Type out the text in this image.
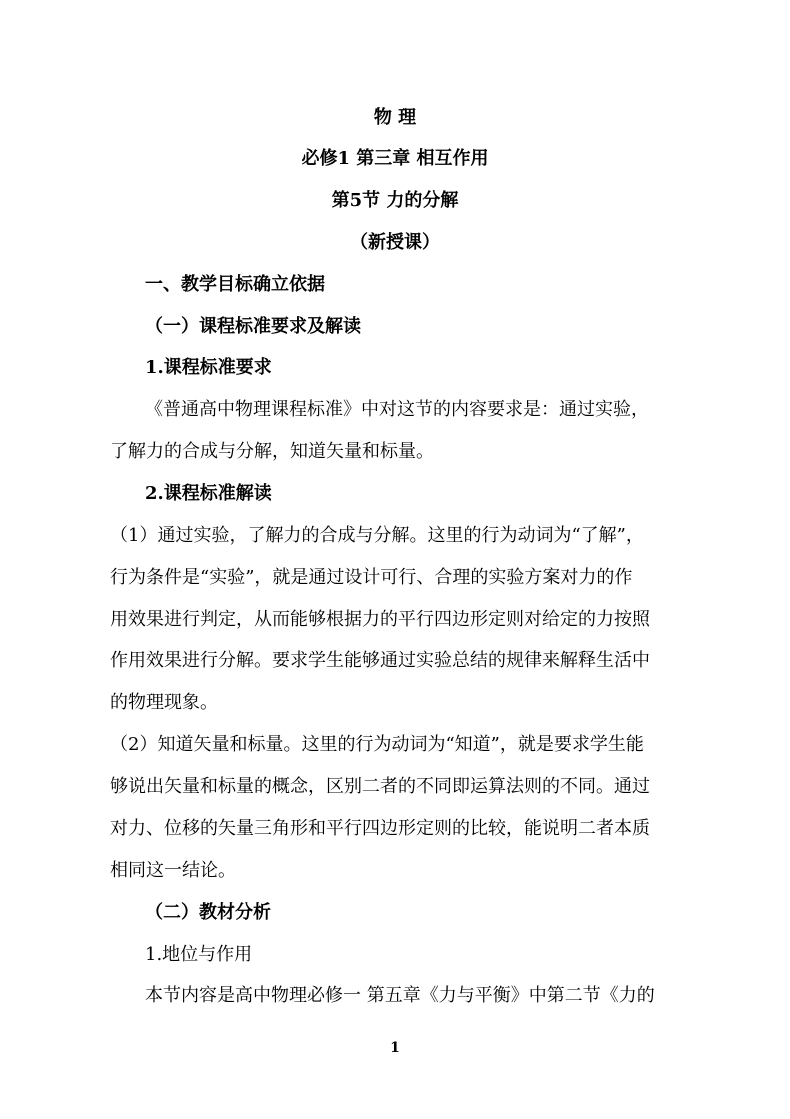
物 理
必修1 第三章 相互作用
第5节 力的分解
（新授课）
一、教学目标确立依据
（一）课程标准要求及解读
1.课程标准要求
《普通高中物理课程标准》中对这节的内容要求是：通过实验，
了解力的合成与分解，知道矢量和标量。
2.课程标准解读
（1）通过实验，了解力的合成与分解。这里的行为动词为“了解”，
行为条件是“实验”，就是通过设计可行、合理的实验方案对力的作
用效果进行判定，从而能够根据力的平行四边形定则对给定的力按照
作用效果进行分解。要求学生能够通过实验总结的规律来解释生活中
的物理现象。
（2）知道矢量和标量。这里的行为动词为“知道”，就是要求学生能
够说出矢量和标量的概念，区别二者的不同即运算法则的不同。通过
对力、位移的矢量三角形和平行四边形定则的比较，能说明二者本质
相同这一结论。
（二）教材分析
1.地位与作用
本节内容是高中物理必修一 第五章《力与平衡》中第二节《力的
1
